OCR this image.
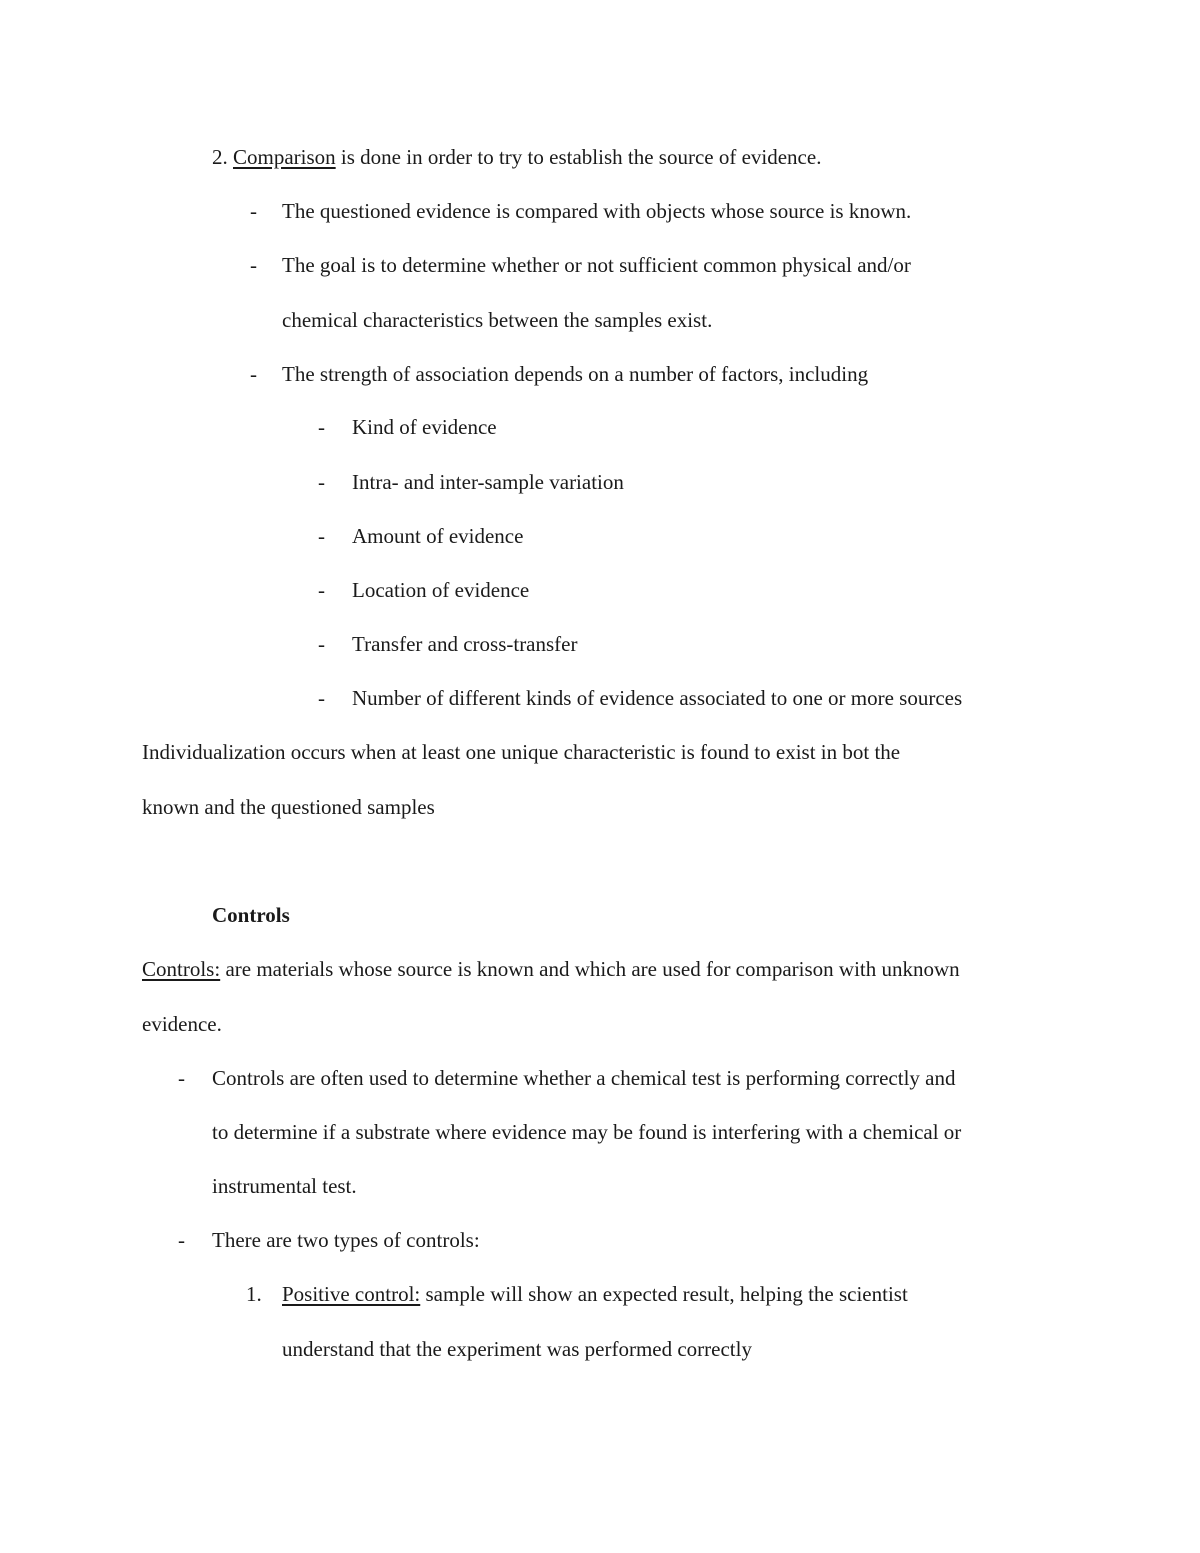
2. Comparison is done in order to try to establish the source of evidence.
- The questioned evidence is compared with objects whose source is known.
- The goal is to determine whether or not sufficient common physical and/or
chemical characteristics between the samples exist.
- The strength of association depends on a number of factors, including
- Kind of evidence
- Intra- and inter-sample variation
- Amount of evidence
- Location of evidence
- Transfer and cross-transfer
- Number of different kinds of evidence associated to one or more sources
Individualization occurs when at least one unique characteristic is found to exist in bot the
known and the questioned samples
Controls
Controls: are materials whose source is known and which are used for comparison with unknown
evidence.
- Controls are often used to determine whether a chemical test is performing correctly and
to determine if a substrate where evidence may be found is interfering with a chemical or
instrumental test.
- There are two types of controls:
1. Positive control: sample will show an expected result, helping the scientist
understand that the experiment was performed correctly
